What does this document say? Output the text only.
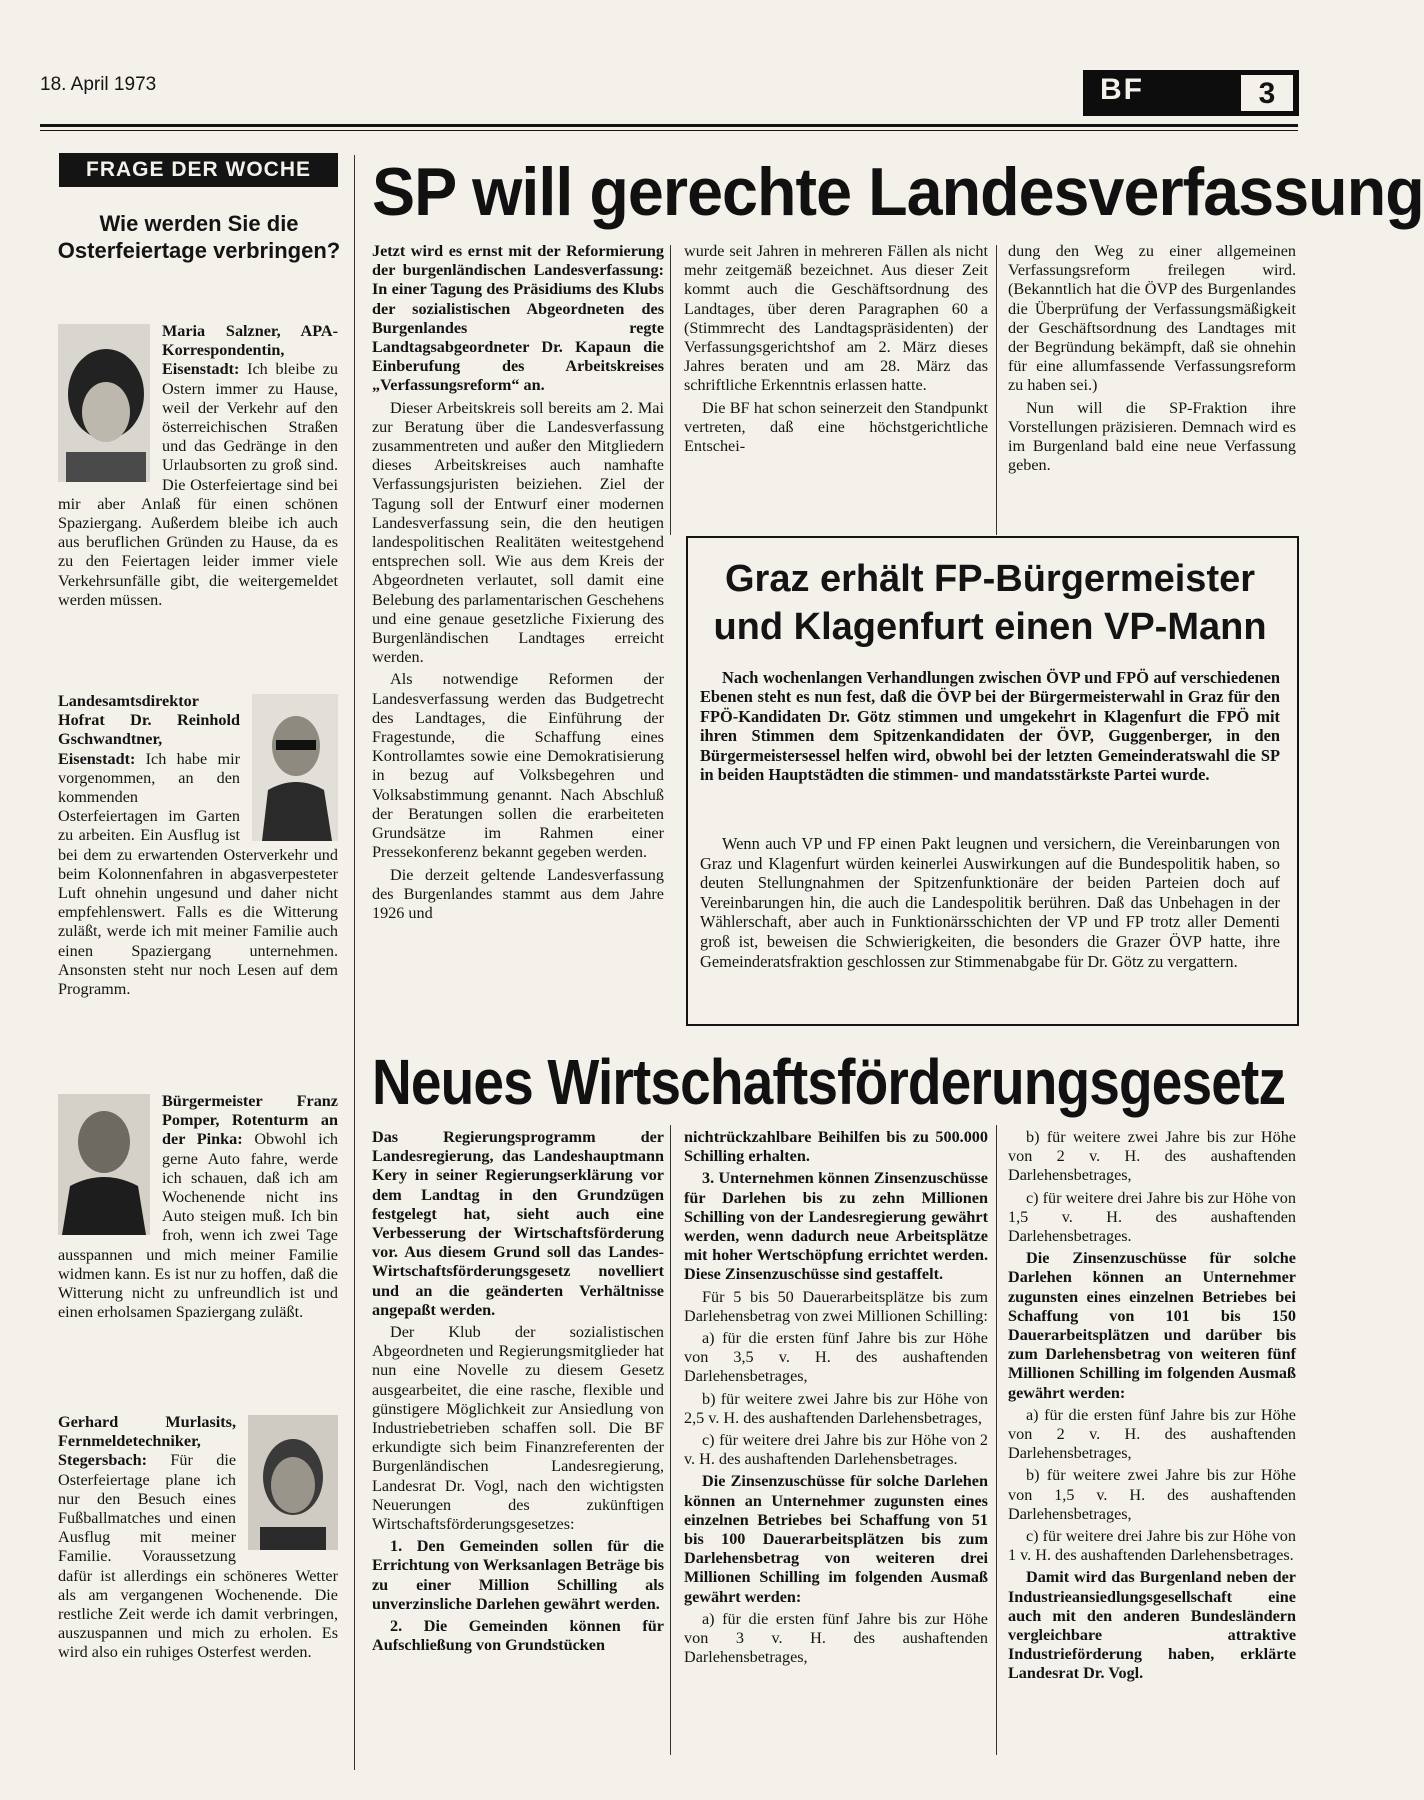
18. April 1973	BF	3
FRAGE DER WOCHE
Wie werden Sie die Osterfeiertage verbringen?

Maria Salzner, APA-Korrespondentin, Eisenstadt: Ich bleibe zu Ostern immer zu Hause, weil der Verkehr auf den österreichischen Straßen und das Gedränge in den Urlaubsorten zu groß sind. Die Osterfeiertage sind bei mir aber Anlaß für einen schönen Spaziergang. Außerdem bleibe ich auch aus beruflichen Gründen zu Hause, da es zu den Feiertagen leider immer viele Verkehrsunfälle gibt, die weitergemeldet werden müssen.

Landesamtsdirektor Hofrat Dr. Reinhold Gschwandtner, Eisenstadt: Ich habe mir vorgenommen, an den kommenden Osterfeiertagen im Garten zu arbeiten. Ein Ausflug ist bei dem zu erwartenden Osterverkehr und beim Kolonnenfahren in abgasverpesteter Luft ohnehin ungesund und daher nicht empfehlenswert. Falls es die Witterung zuläßt, werde ich mit meiner Familie auch einen Spaziergang unternehmen. Ansonsten steht nur noch Lesen auf dem Programm.

Bürgermeister Franz Pomper, Rotenturm an der Pinka: Obwohl ich gerne Auto fahre, werde ich schauen, daß ich am Wochenende nicht ins Auto steigen muß. Ich bin froh, wenn ich zwei Tage ausspannen und mich meiner Familie widmen kann. Es ist nur zu hoffen, daß die Witterung nicht zu unfreundlich ist und einen erholsamen Spaziergang zuläßt.

Gerhard Murlasits, Fernmeldetechniker, Stegersbach: Für die Osterfeiertage plane ich nur den Besuch eines Fußballmatches und einen Ausflug mit meiner Familie. Voraussetzung dafür ist allerdings ein schöneres Wetter als am vergangenen Wochenende. Die restliche Zeit werde ich damit verbringen, auszuspannen und mich zu erholen. Es wird also ein ruhiges Osterfest werden.

SP will gerechte Landesverfassung

Jetzt wird es ernst mit der Reformierung der burgenländischen Landesverfassung: In einer Tagung des Präsidiums des Klubs der sozialistischen Abgeordneten des Burgenlandes regte Landtagsabgeordneter Dr. Kapaun die Einberufung des Arbeitskreises „Verfassungsreform“ an.

Dieser Arbeitskreis soll bereits am 2. Mai zur Beratung über die Landesverfassung zusammentreten und außer den Mitgliedern dieses Arbeitskreises auch namhafte Verfassungsjuristen beiziehen. Ziel der Tagung soll der Entwurf einer modernen Landesverfassung sein, die den heutigen landespolitischen Realitäten weitestgehend entsprechen soll. Wie aus dem Kreis der Abgeordneten verlautet, soll damit eine Belebung des parlamentarischen Geschehens und eine genaue gesetzliche Fixierung des Burgenländischen Landtages erreicht werden.

Als notwendige Reformen der Landesverfassung werden das Budgetrecht des Landtages, die Einführung der Fragestunde, die Schaffung eines Kontrollamtes sowie eine Demokratisierung in bezug auf Volksbegehren und Volksabstimmung genannt. Nach Abschluß der Beratungen sollen die erarbeiteten Grundsätze im Rahmen einer Pressekonferenz bekannt gegeben werden.

Die derzeit geltende Landesverfassung des Burgenlandes stammt aus dem Jahre 1926 und

wurde seit Jahren in mehreren Fällen als nicht mehr zeitgemäß bezeichnet. Aus dieser Zeit kommt auch die Geschäftsordnung des Landtages, über deren Paragraphen 60 a (Stimmrecht des Landtagspräsidenten) der Verfassungsgerichtshof am 2. März dieses Jahres beraten und am 28. März das schriftliche Erkenntnis erlassen hatte.

Die BF hat schon seinerzeit den Standpunkt vertreten, daß eine höchstgerichtliche Entschei-

dung den Weg zu einer allgemeinen Verfassungsreform freilegen wird. (Bekanntlich hat die ÖVP des Burgenlandes die Überprüfung der Verfassungsmäßigkeit der Geschäftsordnung des Landtages mit der Begründung bekämpft, daß sie ohnehin für eine allumfassende Verfassungsreform zu haben sei.)

Nun will die SP-Fraktion ihre Vorstellungen präzisieren. Demnach wird es im Burgenland bald eine neue Verfassung geben.

Graz erhält FP-Bürgermeister
und Klagenfurt einen VP-Mann

Nach wochenlangen Verhandlungen zwischen ÖVP und FPÖ auf verschiedenen Ebenen steht es nun fest, daß die ÖVP bei der Bürgermeisterwahl in Graz für den FPÖ-Kandidaten Dr. Götz stimmen und umgekehrt in Klagenfurt die FPÖ mit ihren Stimmen dem Spitzenkandidaten der ÖVP, Guggenberger, in den Bürgermeistersessel helfen wird, obwohl bei der letzten Gemeinderatswahl die SP in beiden Hauptstädten die stimmen- und mandatsstärkste Partei wurde.

Wenn auch VP und FP einen Pakt leugnen und versichern, die Vereinbarungen von Graz und Klagenfurt würden keinerlei Auswirkungen auf die Bundespolitik haben, so deuten Stellungnahmen der Spitzenfunktionäre der beiden Parteien doch auf Vereinbarungen hin, die auch die Landespolitik berühren. Daß das Unbehagen in der Wählerschaft, aber auch in Funktionärsschichten der VP und FP trotz aller Dementi groß ist, beweisen die Schwierigkeiten, die besonders die Grazer ÖVP hatte, ihre Gemeinderatsfraktion geschlossen zur Stimmenabgabe für Dr. Götz zu vergattern.

Neues Wirtschaftsförderungsgesetz

Das Regierungsprogramm der Landesregierung, das Landeshauptmann Kery in seiner Regierungserklärung vor dem Landtag in den Grundzügen festgelegt hat, sieht auch eine Verbesserung der Wirtschaftsförderung vor. Aus diesem Grund soll das Landes-Wirtschaftsförderungsgesetz novelliert und an die geänderten Verhältnisse angepaßt werden.

Der Klub der sozialistischen Abgeordneten und Regierungsmitglieder hat nun eine Novelle zu diesem Gesetz ausgearbeitet, die eine rasche, flexible und günstigere Möglichkeit zur Ansiedlung von Industriebetrieben schaffen soll. Die BF erkundigte sich beim Finanzreferenten der Burgenländischen Landesregierung, Landesrat Dr. Vogl, nach den wichtigsten Neuerungen des zukünftigen Wirtschaftsförderungsgesetzes:

1. Den Gemeinden sollen für die Errichtung von Werksanlagen Beträge bis zu einer Million Schilling als unverzinsliche Darlehen gewährt werden.

2. Die Gemeinden können für Aufschließung von Grundstücken

nichtrückzahlbare Beihilfen bis zu 500.000 Schilling erhalten.

3. Unternehmen können Zinsenzuschüsse für Darlehen bis zu zehn Millionen Schilling von der Landesregierung gewährt werden, wenn dadurch neue Arbeitsplätze mit hoher Wertschöpfung errichtet werden. Diese Zinsenzuschüsse sind gestaffelt.

Für 5 bis 50 Dauerarbeitsplätze bis zum Darlehensbetrag von zwei Millionen Schilling:

a) für die ersten fünf Jahre bis zur Höhe von 3,5 v. H. des aushaftenden Darlehensbetrages,

b) für weitere zwei Jahre bis zur Höhe von 2,5 v. H. des aushaftenden Darlehensbetrages,

c) für weitere drei Jahre bis zur Höhe von 2 v. H. des aushaftenden Darlehensbetrages.

Die Zinsenzuschüsse für solche Darlehen können an Unternehmer zugunsten eines einzelnen Betriebes bei Schaffung von 51 bis 100 Dauerarbeitsplätzen bis zum Darlehensbetrag von weiteren drei Millionen Schilling im folgenden Ausmaß gewährt werden:

a) für die ersten fünf Jahre bis zur Höhe von 3 v. H. des aushaftenden Darlehensbetrages,

b) für weitere zwei Jahre bis zur Höhe von 2 v. H. des aushaftenden Darlehensbetrages,

c) für weitere drei Jahre bis zur Höhe von 1,5 v. H. des aushaftenden Darlehensbetrages.

Die Zinsenzuschüsse für solche Darlehen können an Unternehmer zugunsten eines einzelnen Betriebes bei Schaffung von 101 bis 150 Dauerarbeitsplätzen und darüber bis zum Darlehensbetrag von weiteren fünf Millionen Schilling im folgenden Ausmaß gewährt werden:

a) für die ersten fünf Jahre bis zur Höhe von 2 v. H. des aushaftenden Darlehensbetrages,

b) für weitere zwei Jahre bis zur Höhe von 1,5 v. H. des aushaftenden Darlehensbetrages,

c) für weitere drei Jahre bis zur Höhe von 1 v. H. des aushaftenden Darlehensbetrages.

Damit wird das Burgenland neben der Industrieansiedlungsgesellschaft eine auch mit den anderen Bundesländern vergleichbare attraktive Industrieförderung haben, erklärte Landesrat Dr. Vogl.
